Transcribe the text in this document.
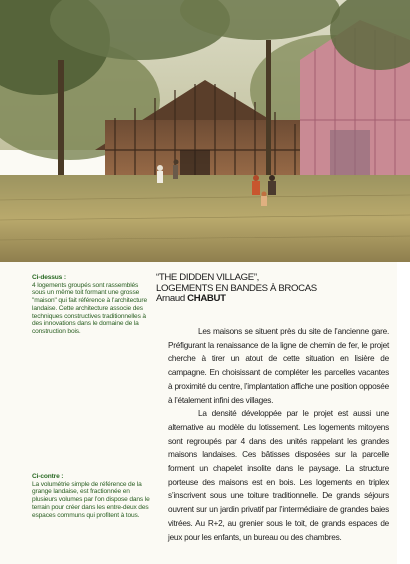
Ci-dessus :
4 logements groupés sont rassemblés sous un même toit formant une grosse "maison" qui fait référence à l’architecture landaise. Cette architecture associe des techniques constructives traditionnelles à des innovations dans le domaine de la construction bois.
Ci-contre :
La volumétrie simple de référence de la grange landaise, est fractionnée en plusieurs volumes par l’on dispose dans le terrain pour créer dans les entre-deux des espaces communs qui profitent à tous.
“THE DIDDEN VILLAGE”,
LOGEMENTS EN BANDES À BROCAS
Arnaud CHABUT

Les maisons se situent près du site de l’ancienne gare. Préfigurant la renaissance de la ligne de chemin de fer, le projet cherche à tirer un atout de cette situation en lisière de campagne. En choisissant de compléter les parcelles vacantes à proximité du centre, l’implantation affiche une position opposée à l’étalement infini des villages.

La densité développée par le projet est aussi une alternative au modèle du lotissement. Les logements mitoyens sont regroupés par 4 dans des unités rappelant les grandes maisons landaises. Ces bâtisses disposées sur la parcelle forment un chapelet insolite dans le paysage. La structure porteuse des maisons est en bois. Les logements en triplex s’inscrivent sous une toiture traditionnelle. De grands séjours ouvrent sur un jardin privatif par l’intermédiaire de grandes baies vitrées. Au R+2, au grenier sous le toit, de grands espaces de jeux pour les enfants, un bureau ou des chambres.
